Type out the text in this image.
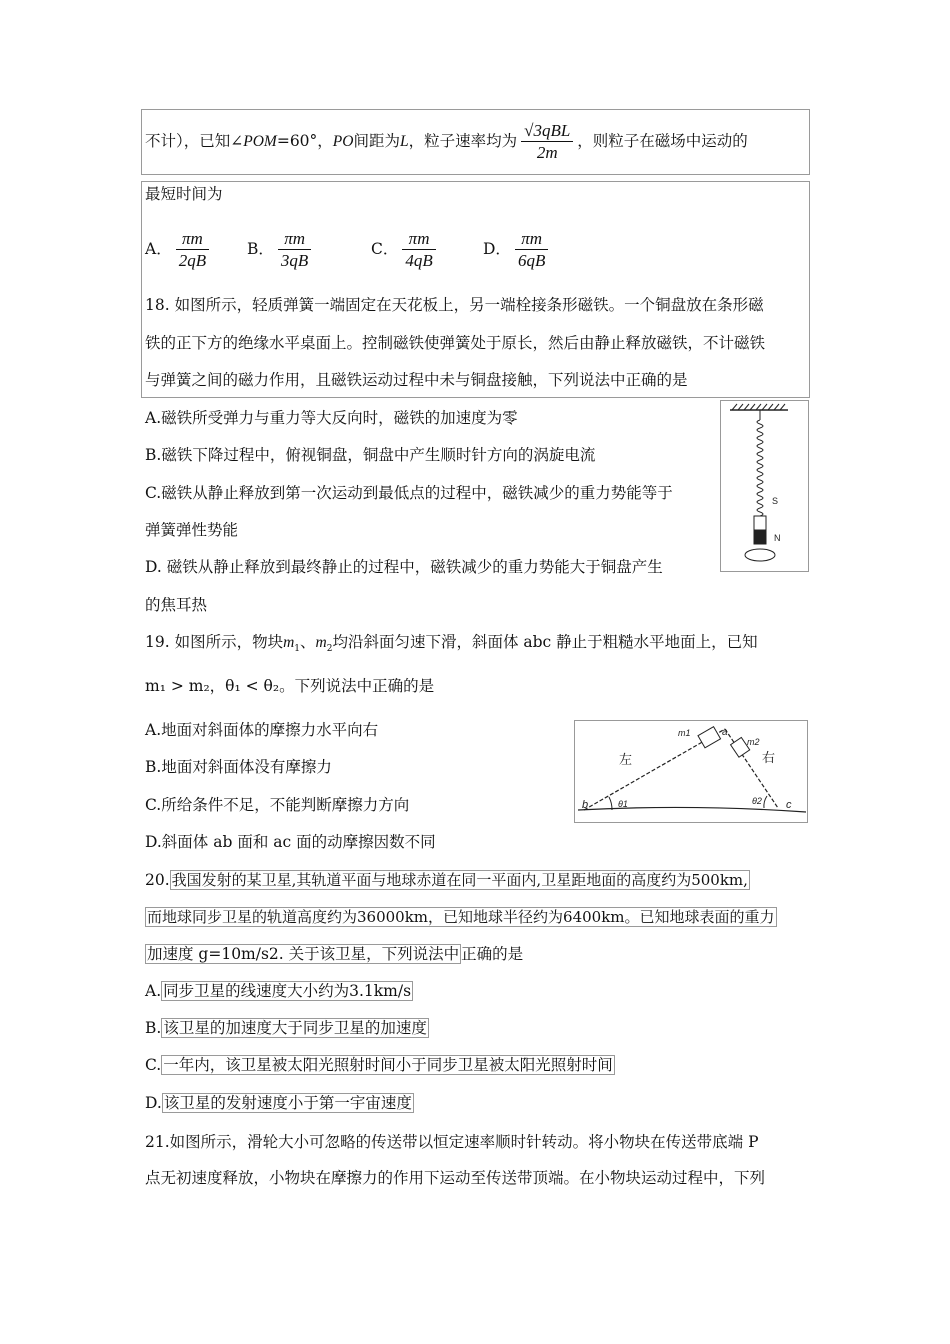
不计），已知∠POM=60°，PO间距为L，粒子速率均为 $\frac{\text{√3qBL}}{2m}$ ，则粒子在磁场中运动的
最短时间为
A． $\frac{\pi m}{2qB}$ B． $\frac{\pi m}{3qB}$	C． $\frac{\pi m}{4qB}$	D． $\frac{\pi m}{6qB}$
18. 如图所示，轻质弹簧一端固定在天花板上，另一端栓接条形磁铁。一个铜盘放在条形磁
铁的正下方的绝缘水平桌面上。控制磁铁使弹簧处于原长，然后由静止释放磁铁，不计磁铁
与弹簧之间的磁力作用，且磁铁运动过程中未与铜盘接触，下列说法中正确的是
A.磁铁所受弹力与重力等大反向时，磁铁的加速度为零
B.磁铁下降过程中，俯视铜盘，铜盘中产生顺时针方向的涡旋电流
C.磁铁从静止释放到第一次运动到最低点的过程中，磁铁减少的重力势能等于
弹簧弹性势能
D. 磁铁从静止释放到最终静止的过程中，磁铁减少的重力势能大于铜盘产生
的焦耳热
S
N
19. 如图所示，物块$m_1$、$m_2$均沿斜面匀速下滑，斜面体 abc 静止于粗糙水平地面上，已知
m₁ > m₂，θ₁ < θ₂。下列说法中正确的是
A.地面对斜面体的摩擦力水平向右
B.地面对斜面体没有摩擦力
C.所给条件不足，不能判断摩擦力方向
D.斜面体 ab 面和 ac 面的动摩擦因数不同
左	右
m1
m2
a
b	c
θ1	θ2
20. 我国发射的某卫星,其轨道平面与地球赤道在同一平面内,卫星距地面的高度约为500km,
而地球同步卫星的轨道高度约为36000km，已知地球半径约为6400km。已知地球表面的重力
加速度 g=10m/s2. 关于该卫星，下列说法中 正确的是
A. 同步卫星的线速度大小约为3.1km/s
B. 该卫星的加速度大于同步卫星的加速度
C. 一年内，该卫星被太阳光照射时间小于同步卫星被太阳光照射时间
D. 该卫星的发射速度小于第一宇宙速度
21.如图所示，滑轮大小可忽略的传送带以恒定速率顺时针转动。将小物块在传送带底端 P
点无初速度释放，小物块在摩擦力的作用下运动至传送带顶端。在小物块运动过程中，下列
